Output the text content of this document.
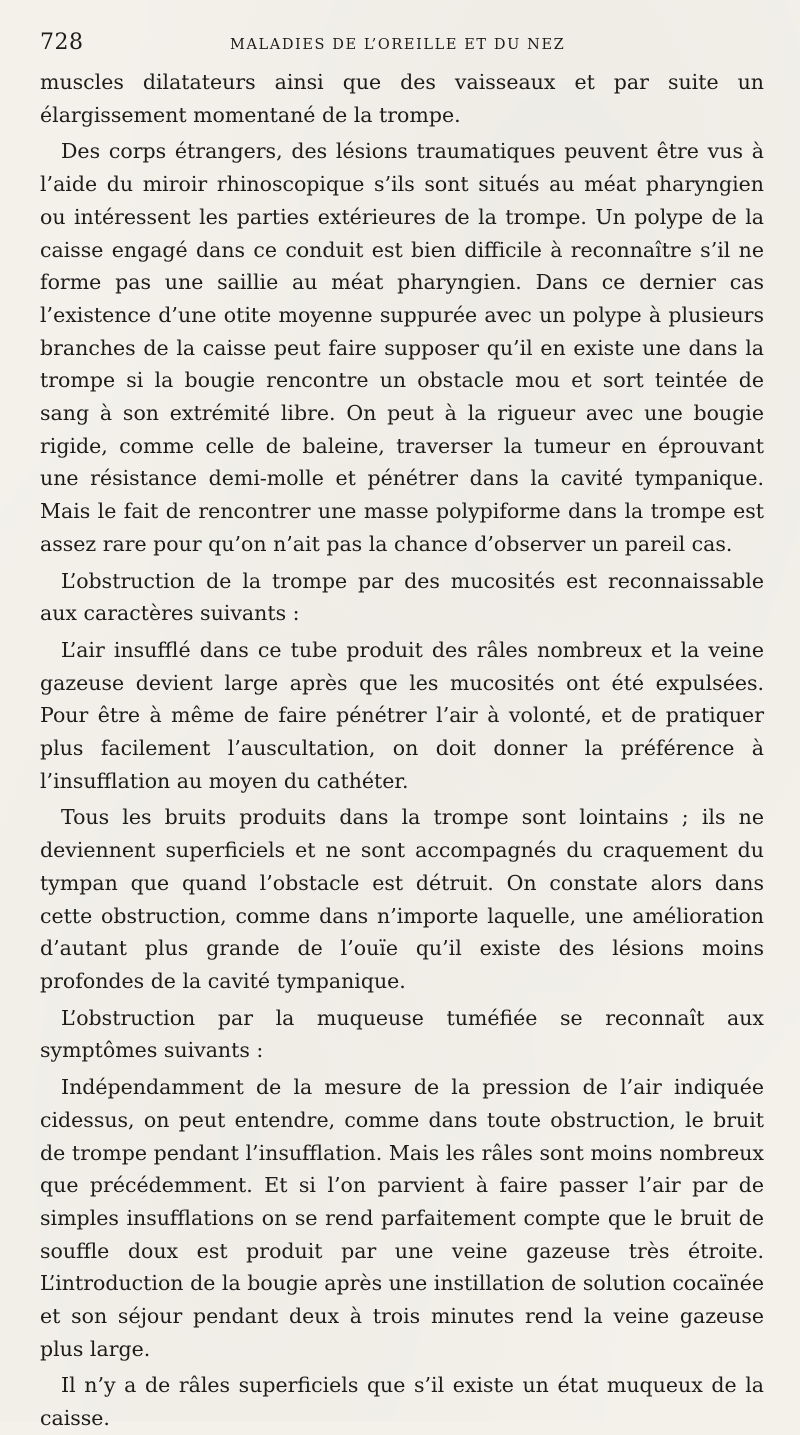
728	MALADIES DE L’OREILLE ET DU NEZ

muscles dilatateurs ainsi que des vaisseaux et par suite un élargissement momentané de la trompe.

Des corps étrangers, des lésions traumatiques peuvent être vus à l’aide du miroir rhinoscopique s’ils sont situés au méat pharyngien ou intéressent les parties extérieures de la trompe. Un polype de la caisse engagé dans ce conduit est bien difficile à reconnaître s’il ne forme pas une saillie au méat pharyngien. Dans ce dernier cas l’existence d’une otite moyenne suppurée avec un polype à plusieurs branches de la caisse peut faire supposer qu’il en existe une dans la trompe si la bougie rencontre un obstacle mou et sort teintée de sang à son extrémité libre. On peut à la rigueur avec une bougie rigide, comme celle de baleine, traverser la tumeur en éprouvant une résistance demi-molle et pénétrer dans la cavité tympanique. Mais le fait de rencontrer une masse polypiforme dans la trompe est assez rare pour qu’on n’ait pas la chance d’observer un pareil cas.

L’obstruction de la trompe par des mucosités est reconnaissable aux caractères suivants :

L’air insufflé dans ce tube produit des râles nombreux et la veine gazeuse devient large après que les mucosités ont été expulsées. Pour être à même de faire pénétrer l’air à volonté, et de pratiquer plus facilement l’auscultation, on doit donner la préférence à l’insufflation au moyen du cathéter.

Tous les bruits produits dans la trompe sont lointains ; ils ne deviennent superficiels et ne sont accompagnés du craquement du tympan que quand l’obstacle est détruit. On constate alors dans cette obstruction, comme dans n’importe laquelle, une amélioration d’autant plus grande de l’ouïe qu’il existe des lésions moins profondes de la cavité tympanique.

L’obstruction par la muqueuse tuméfiée se reconnaît aux symptômes suivants :

Indépendamment de la mesure de la pression de l’air indiquée cidessus, on peut entendre, comme dans toute obstruction, le bruit de trompe pendant l’insufflation. Mais les râles sont moins nombreux que précédemment. Et si l’on parvient à faire passer l’air par de simples insufflations on se rend parfaitement compte que le bruit de souffle doux est produit par une veine gazeuse très étroite. L’introduction de la bougie après une instillation de solution cocaïnée et son séjour pendant deux à trois minutes rend la veine gazeuse plus large.

Il n’y a de râles superficiels que s’il existe un état muqueux de la caisse.
